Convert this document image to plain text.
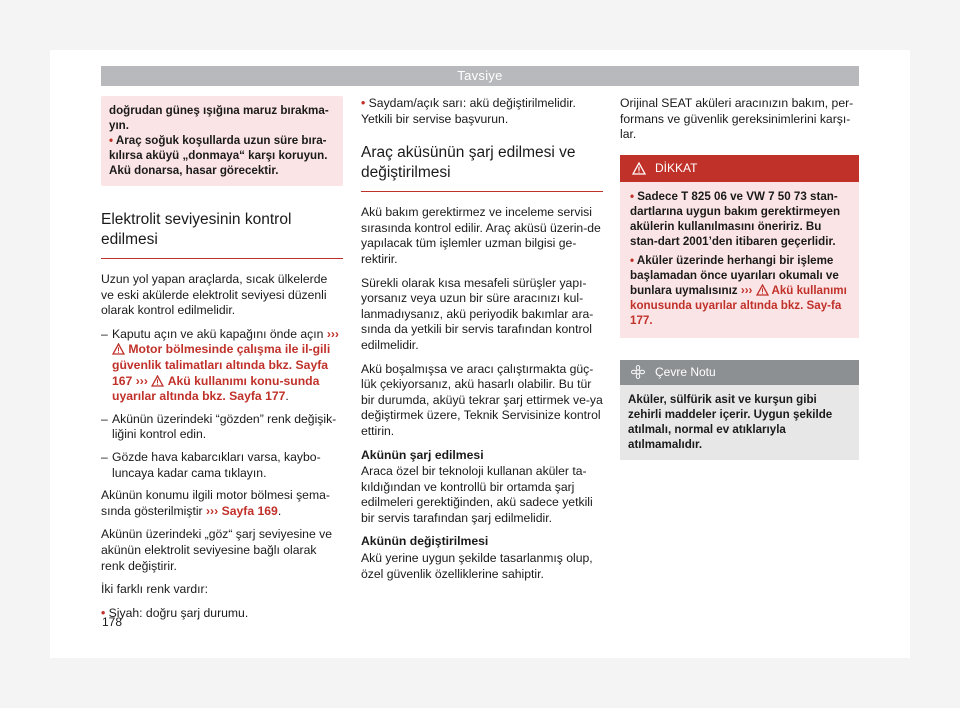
Tavsiye
doğrudan güneş ışığına maruz bırakma-yın.
• Araç soğuk koşullarda uzun süre bıra-kılırsa aküyü „donmaya“ karşı koruyun. Akü donarsa, hasar görecektir.
Elektrolit seviyesinin kontrol edilmesi

Uzun yol yapan araçlarda, sıcak ülkelerde ve eski akülerde elektrolit seviyesi düzenli olarak kontrol edilmelidir.

– Kaputu açın ve akü kapağını önde açın ›››  Motor bölmesinde çalışma ile il-gili güvenlik talimatları altında bkz. Sayfa 167 ››› Akü kullanımı konu-sunda uyarılar altında bkz. Sayfa 177.
– Akünün üzerindeki “gözden” renk değişik-liğini kontrol edin.
– Gözde hava kabarcıkları varsa, kaybo-luncaya kadar cama tıklayın.

Akünün konumu ilgili motor bölmesi şema-sında gösterilmiştir ››› Sayfa 169.

Akünün üzerindeki „göz“ şarj seviyesine ve akünün elektrolit seviyesine bağlı olarak renk değiştirir.

İki farklı renk vardır:

• Siyah: doğru şarj durumu.

• Saydam/açık sarı: akü değiştirilmelidir. Yetkili bir servise başvurun.

Araç aküsünün şarj edilmesi ve değiştirilmesi

Akü bakım gerektirmez ve inceleme servisi sırasında kontrol edilir. Araç aküsü üzerin-de yapılacak tüm işlemler uzman bilgisi ge-rektirir.

Sürekli olarak kısa mesafeli sürüşler yapı-yorsanız veya uzun bir süre aracınızı kul-lanmadıysanız, akü periyodik bakımlar ara-sında da yetkili bir servis tarafından kontrol edilmelidir.

Akü boşalmışsa ve aracı çalıştırmakta güç-lük çekiyorsanız, akü hasarlı olabilir. Bu tür bir durumda, aküyü tekrar şarj ettirmek ve-ya değiştirmek üzere, Teknik Servisinize kontrol ettirin.

Akünün şarj edilmesi

Araca özel bir teknoloji kullanan aküler ta-kıldığından ve kontrollü bir ortamda şarj edilmeleri gerektiğinden, akü sadece yetkili bir servis tarafından şarj edilmelidir.

Akünün değiştirilmesi

Akü yerine uygun şekilde tasarlanmış olup, özel güvenlik özelliklerine sahiptir.

Orijinal SEAT aküleri aracınızın bakım, per-formans ve güvenlik gereksinimlerini karşı-lar.

DİKKAT
• Sadece T 825 06 ve VW 7 50 73 stan-dartlarına uygun bakım gerektirmeyen akülerin kullanılmasını öneririz. Bu stan-dart 2001’den itibaren geçerlidir.
• Aküler üzerinde herhangi bir işleme başlamadan önce uyarıları okumalı ve bunlara uymalısınız ››› Akü kullanımı konusunda uyarılar altında bkz. Say-fa 177.
Çevre Notu
Aküler, sülfürik asit ve kurşun gibi zehirli maddeler içerir. Uygun şekilde atılmalı, normal ev atıklarıyla atılmamalıdır.
178
